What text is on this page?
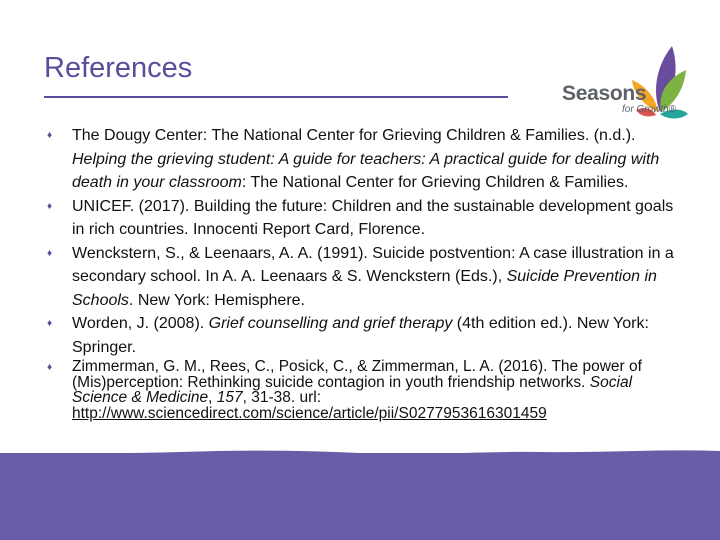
References
Seasons
for Growth®
♦ The Dougy Center: The National Center for Grieving Children & Families. (n.d.). Helping the grieving student: A guide for teachers: A practical guide for dealing with death in your classroom: The National Center for Grieving Children & Families.
♦ UNICEF. (2017). Building the future: Children and the sustainable development goals in rich countries. Innocenti Report Card, Florence.
♦ Wenckstern, S., & Leenaars, A. A. (1991). Suicide postvention: A case illustration in a secondary school. In A. A. Leenaars & S. Wenckstern (Eds.), Suicide Prevention in Schools. New York: Hemisphere.
♦ Worden, J. (2008). Grief counselling and grief therapy (4th edition ed.). New York: Springer.
♦ Zimmerman, G. M., Rees, C., Posick, C., & Zimmerman, L. A. (2016). The power of (Mis)perception: Rethinking suicide contagion in youth friendship networks. Social Science & Medicine, 157, 31-38. url: http://www.sciencedirect.com/science/article/pii/S0277953616301459
